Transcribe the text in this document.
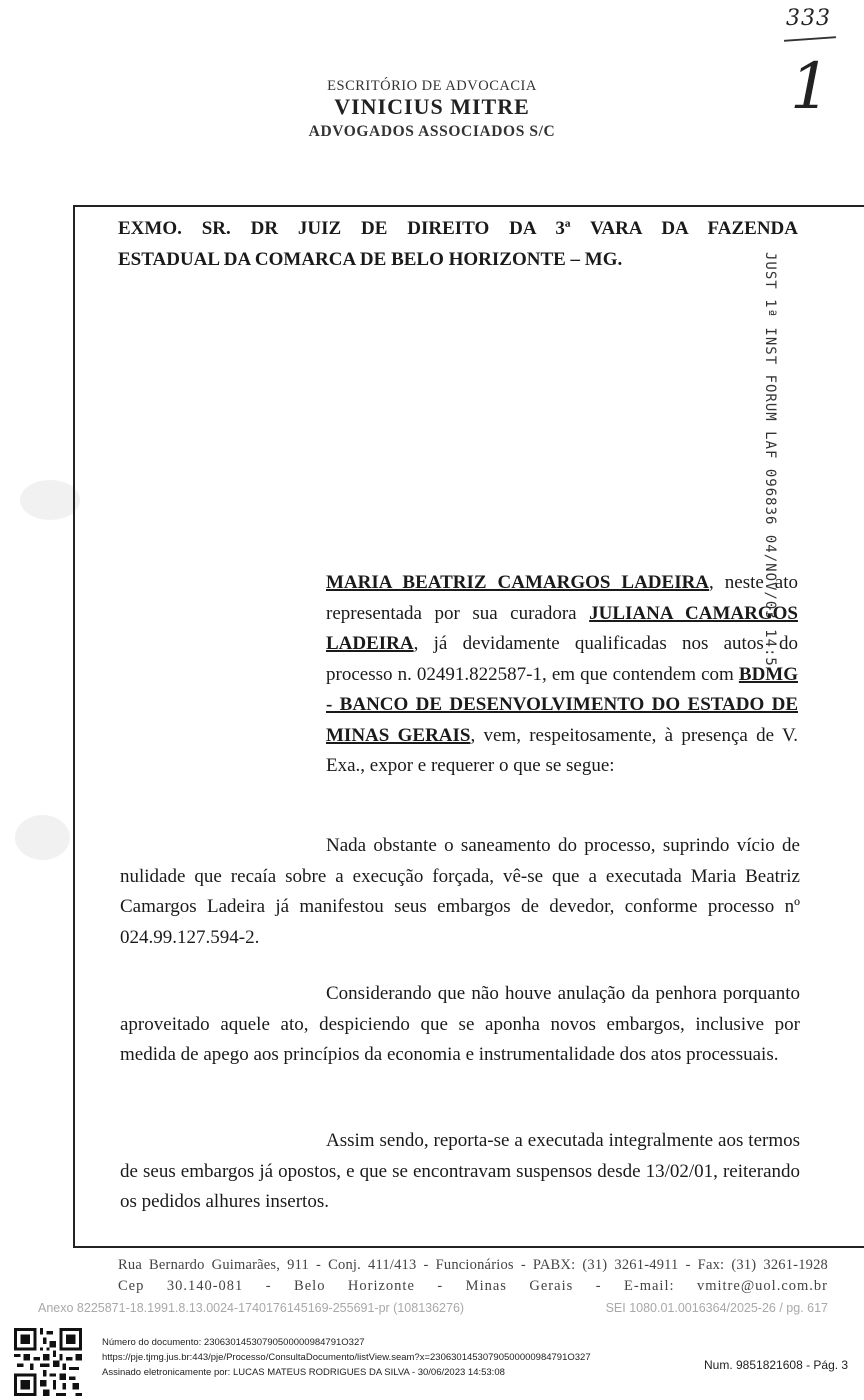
333
1
ESCRITÓRIO DE ADVOCACIA
VINICIUS MITRE
ADVOGADOS ASSOCIADOS S/C
EXMO. SR. DR JUIZ DE DIREITO DA 3ª VARA DA FAZENDA
ESTADUAL DA COMARCA DE BELO HORIZONTE – MG.	JUST 1ª INST FORUM LAF 096836 04/NOV/03 14:5
MARIA BEATRIZ CAMARGOS LADEIRA, neste ato representada por sua curadora JULIANA CAMARGOS LADEIRA, já devidamente qualificadas nos autos do processo n. 02491.822587-1, em que contendem com BDMG - BANCO DE DESENVOLVIMENTO DO ESTADO DE MINAS GERAIS, vem, respeitosamente, à presença de V. Exa., expor e requerer o que se segue:
Nada obstante o saneamento do processo, suprindo vício de nulidade que recaía sobre a execução forçada, vê-se que a executada Maria Beatriz Camargos Ladeira já manifestou seus embargos de devedor, conforme processo nº 024.99.127.594-2.
Considerando que não houve anulação da penhora porquanto aproveitado aquele ato, despiciendo que se aponha novos embargos, inclusive por medida de apego aos princípios da economia e instrumentalidade dos atos processuais.
Assim sendo, reporta-se a executada integralmente aos termos de seus embargos já opostos, e que se encontravam suspensos desde 13/02/01, reiterando os pedidos alhures insertos.
Rua Bernardo Guimarães, 911 - Conj. 411/413 - Funcionários - PABX: (31) 3261-4911 - Fax: (31) 3261-1928
Cep 30.140-081 - Belo Horizonte - Minas Gerais - E-mail: vmitre@uol.com.br
Anexo 8225871-18.1991.8.13.0024-1740176145169-255691-pr (108136276)	SEI 1080.01.0016364/2025-26 / pg. 617
Número do documento: 23063014530790500000984791O327
https://pje.tjmg.jus.br:443/pje/Processo/ConsultaDocumento/listView.seam?x=23063014530790500000984791O327
Assinado eletronicamente por: LUCAS MATEUS RODRIGUES DA SILVA - 30/06/2023 14:53:08
Num. 9851821608 - Pág. 3
